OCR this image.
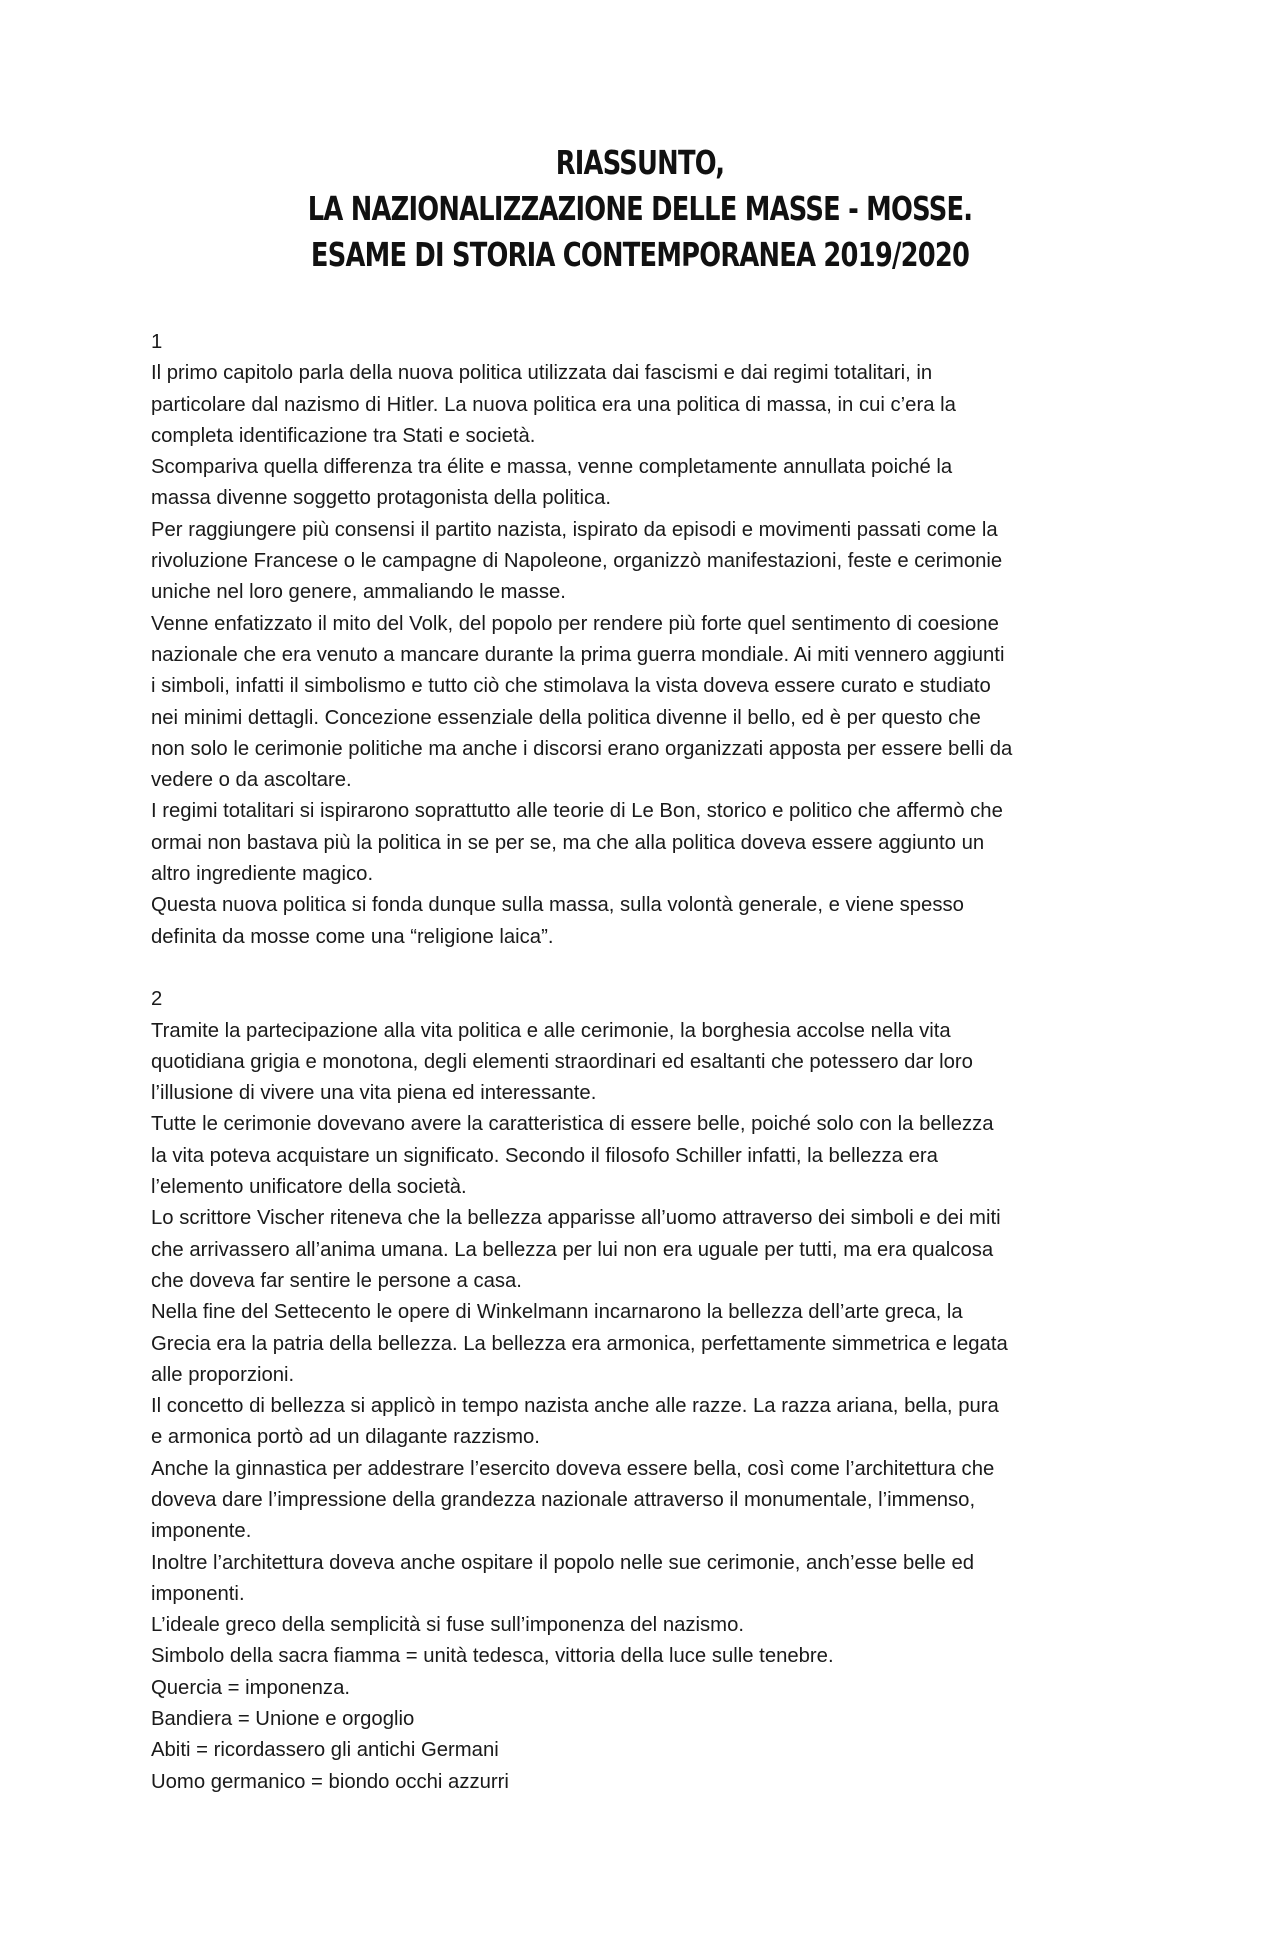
RIASSUNTO,
LA NAZIONALIZZAZIONE DELLE MASSE - MOSSE.
ESAME DI STORIA CONTEMPORANEA 2019/2020
1
Il primo capitolo parla della nuova politica utilizzata dai fascismi e dai regimi totalitari, in
particolare dal nazismo di Hitler. La nuova politica era una politica di massa, in cui c’era la
completa identificazione tra Stati e società.
Scompariva quella differenza tra élite e massa, venne completamente annullata poiché la
massa divenne soggetto protagonista della politica.
Per raggiungere più consensi il partito nazista, ispirato da episodi e movimenti passati come la
rivoluzione Francese o le campagne di Napoleone, organizzò manifestazioni, feste e cerimonie
uniche nel loro genere, ammaliando le masse.
Venne enfatizzato il mito del Volk, del popolo per rendere più forte quel sentimento di coesione
nazionale che era venuto a mancare durante la prima guerra mondiale. Ai miti vennero aggiunti
i simboli, infatti il simbolismo e tutto ciò che stimolava la vista doveva essere curato e studiato
nei minimi dettagli. Concezione essenziale della politica divenne il bello, ed è per questo che
non solo le cerimonie politiche ma anche i discorsi erano organizzati apposta per essere belli da
vedere o da ascoltare.
I regimi totalitari si ispirarono soprattutto alle teorie di Le Bon, storico e politico che affermò che
ormai non bastava più la politica in se per se, ma che alla politica doveva essere aggiunto un
altro ingrediente magico.
Questa nuova politica si fonda dunque sulla massa, sulla volontà generale, e viene spesso
definita da mosse come una “religione laica”.
2
Tramite la partecipazione alla vita politica e alle cerimonie, la borghesia accolse nella vita
quotidiana grigia e monotona, degli elementi straordinari ed esaltanti che potessero dar loro
l’illusione di vivere una vita piena ed interessante.
Tutte le cerimonie dovevano avere la caratteristica di essere belle, poiché solo con la bellezza
la vita poteva acquistare un significato. Secondo il filosofo Schiller infatti, la bellezza era
l’elemento unificatore della società.
Lo scrittore Vischer riteneva che la bellezza apparisse all’uomo attraverso dei simboli e dei miti
che arrivassero all’anima umana. La bellezza per lui non era uguale per tutti, ma era qualcosa
che doveva far sentire le persone a casa.
Nella fine del Settecento le opere di Winkelmann incarnarono la bellezza dell’arte greca, la
Grecia era la patria della bellezza. La bellezza era armonica, perfettamente simmetrica e legata
alle proporzioni.
Il concetto di bellezza si applicò in tempo nazista anche alle razze. La razza ariana, bella, pura
e armonica portò ad un dilagante razzismo.
Anche la ginnastica per addestrare l’esercito doveva essere bella, così come l’architettura che
doveva dare l’impressione della grandezza nazionale attraverso il monumentale, l’immenso,
imponente.
Inoltre l’architettura doveva anche ospitare il popolo nelle sue cerimonie, anch’esse belle ed
imponenti.
L’ideale greco della semplicità si fuse sull’imponenza del nazismo.
Simbolo della sacra fiamma = unità tedesca, vittoria della luce sulle tenebre.
Quercia = imponenza.
Bandiera = Unione e orgoglio
Abiti = ricordassero gli antichi Germani
Uomo germanico = biondo occhi azzurri
